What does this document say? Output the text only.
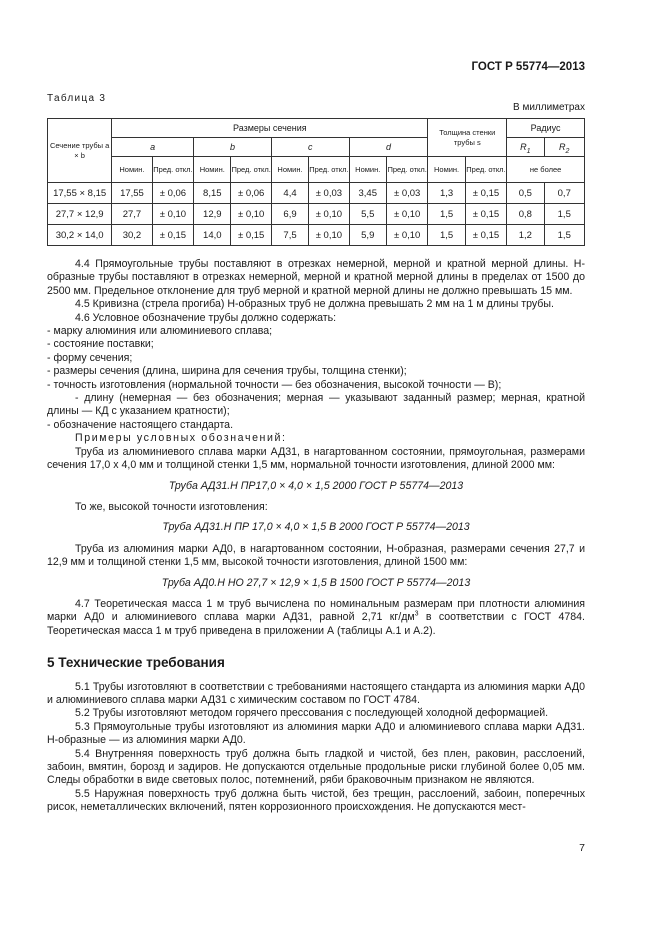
ГОСТ Р 55774—2013
Таблица 3
В миллиметрах
Сечение трубы a × b	Размеры сечения								Толщина стенки трубы s		Радиус	
	a		b		c		d				$R_1$	$R_2$
	Номин.	Пред. откл.	Номин.	Пред. откл.	Номин.	Пред. откл.	Номин.	Пред. откл.	Номин.	Пред. откл.	не более	
17,55 × 8,15	17,55	± 0,06	8,15	± 0,06	4,4	± 0,03	3,45	± 0,03	1,3	± 0,15	0,5	0,7
27,7 × 12,9	27,7	± 0,10	12,9	± 0,10	6,9	± 0,10	5,5	± 0,10	1,5	± 0,15	0,8	1,5
30,2 × 14,0	30,2	± 0,15	14,0	± 0,15	7,5	± 0,10	5,9	± 0,10	1,5	± 0,15	1,2	1,5

4.4 Прямоугольные трубы поставляют в отрезках немерной, мерной и кратной мерной длины. Н-образные трубы поставляют в отрезках немерной, мерной и кратной мерной длины в пределах от 1500 до 2500 мм. Предельное отклонение для труб мерной и кратной мерной длины не должно превышать 15 мм.

4.5 Кривизна (стрела прогиба) Н-образных труб не должна превышать 2 мм на 1 м длины трубы.

4.6 Условное обозначение трубы должно содержать:

- марку алюминия или алюминиевого сплава;

- состояние поставки;

- форму сечения;

- размеры сечения (длина, ширина для сечения трубы, толщина стенки);

- точность изготовления (нормальной точности — без обозначения, высокой точности — В);

- длину (немерная — без обозначения; мерная — указывают заданный размер; мерная, кратной длины — КД с указанием кратности);

- обозначение настоящего стандарта.

Примеры условных обозначений:

Труба из алюминиевого сплава марки АД31, в нагартованном состоянии, прямоугольная, размерами сечения 17,0 х 4,0 мм и толщиной стенки 1,5 мм, нормальной точности изготовления, длиной 2000 мм:

Труба АД31.Н ПР17,0 × 4,0 × 1,5 2000 ГОСТ Р 55774—2013

То же, высокой точности изготовления:

Труба АД31.Н ПР 17,0 × 4,0 × 1,5 В 2000 ГОСТ Р 55774—2013

Труба из алюминия марки АД0, в нагартованном состоянии, Н-образная, размерами сечения 27,7 и 12,9 мм и толщиной стенки 1,5 мм, высокой точности изготовления, длиной 1500 мм:

Труба АД0.Н НО 27,7 × 12,9 × 1,5 В 1500 ГОСТ Р 55774—2013

4.7 Теоретическая масса 1 м труб вычислена по номинальным размерам при плотности алюминия марки АД0 и алюминиевого сплава марки АД31, равной 2,71 $кг/дм^3$ в соответствии с ГОСТ 4784. Теоретическая масса 1 м труб приведена в приложении А (таблицы А.1 и А.2).

5 Технические требования

5.1 Трубы изготовляют в соответствии с требованиями настоящего стандарта из алюминия марки АД0 и алюминиевого сплава марки АД31 с химическим составом по ГОСТ 4784.

5.2 Трубы изготовляют методом горячего прессования с последующей холодной деформацией.

5.3 Прямоугольные трубы изготовляют из алюминия марки АД0 и алюминиевого сплава марки АД31. Н-образные — из алюминия марки АД0.

5.4 Внутренняя поверхность труб должна быть гладкой и чистой, без плен, раковин, расслоений, забоин, вмятин, борозд и задиров. Не допускаются отдельные продольные риски глубиной более 0,05 мм. Следы обработки в виде световых полос, потемнений, ряби браковочным признаком не являются.

5.5 Наружная поверхность труб должна быть чистой, без трещин, расслоений, забоин, поперечных рисок, неметаллических включений, пятен коррозионного происхождения. Не допускаются мест-

7
